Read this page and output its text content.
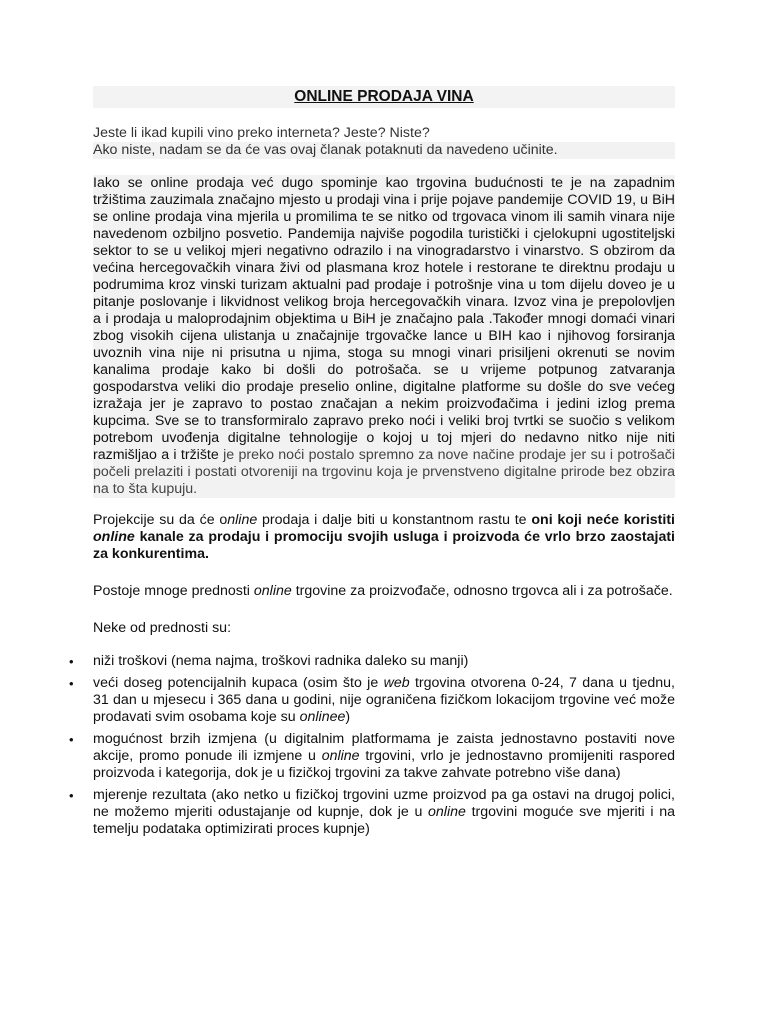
ONLINE PRODAJA VINA

Jeste li ikad kupili vino preko interneta? Jeste? Niste?

Ako niste, nadam se da će vas ovaj članak potaknuti da navedeno učinite.

Iako se online prodaja već dugo spominje kao trgovina budućnosti te je na zapadnim tržištima zauzimala značajno mjesto u prodaji vina i prije pojave pandemije COVID 19, u BiH se online prodaja vina mjerila u promilima te se nitko od trgovaca vinom ili samih vinara nije navedenom ozbiljno posvetio. Pandemija najviše pogodila turistički i cjelokupni ugostiteljski sektor to se u velikoj mjeri negativno odrazilo i na vinogradarstvo i vinarstvo. S obzirom da većina hercegovačkih vinara živi od plasmana kroz hotele i restorane te direktnu prodaju u podrumima kroz vinski turizam aktualni pad prodaje i potrošnje vina u tom dijelu doveo je u pitanje poslovanje i likvidnost velikog broja hercegovačkih vinara. Izvoz vina je prepolovljen a i prodaja u maloprodajnim objektima u BiH je značajno pala .Također mnogi domaći vinari zbog visokih cijena ulistanja u značajnije trgovačke lance u BIH kao i njihovog forsiranja uvoznih vina nije ni prisutna u njima, stoga su mnogi vinari prisiljeni okrenuti se novim kanalima prodaje kako bi došli do potrošača. se u vrijeme potpunog zatvaranja gospodarstva veliki dio prodaje preselio online, digitalne platforme su došle do sve većeg izražaja jer je zapravo to postao značajan a nekim proizvođačima i jedini izlog prema kupcima. Sve se to transformiralo zapravo preko noći i veliki broj tvrtki se suočio s velikom potrebom uvođenja digitalne tehnologije o kojoj u toj mjeri do nedavno nitko nije niti razmišljao a i tržište je preko noći postalo spremno za nove načine prodaje jer su i potrošači počeli prelaziti i postati otvoreniji na trgovinu koja je prvenstveno digitalne prirode bez obzira na to šta kupuju.

Projekcije su da će online prodaja i dalje biti u konstantnom rastu te oni koji neće koristiti online kanale za prodaju i promociju svojih usluga i proizvoda će vrlo brzo zaostajati za konkurentima.

Postoje mnoge prednosti online trgovine za proizvođače, odnosno trgovca ali i za potrošače.

Neke od prednosti su:

•	niži troškovi (nema najma, troškovi radnika daleko su manji)
•	veći doseg potencijalnih kupaca (osim što je web trgovina otvorena 0-24, 7 dana u tjednu, 31 dan u mjesecu i 365 dana u godini, nije ograničena fizičkom lokacijom trgovine već može prodavati svim osobama koje su onlinee)
•	mogućnost brzih izmjena (u digitalnim platformama je zaista jednostavno postaviti nove akcije, promo ponude ili izmjene u online trgovini, vrlo je jednostavno promijeniti raspored proizvoda i kategorija, dok je u fizičkoj trgovini za takve zahvate potrebno više dana)
•	mjerenje rezultata (ako netko u fizičkoj trgovini uzme proizvod pa ga ostavi na drugoj polici, ne možemo mjeriti odustajanje od kupnje, dok je u online trgovini moguće sve mjeriti i na temelju podataka optimizirati proces kupnje)
